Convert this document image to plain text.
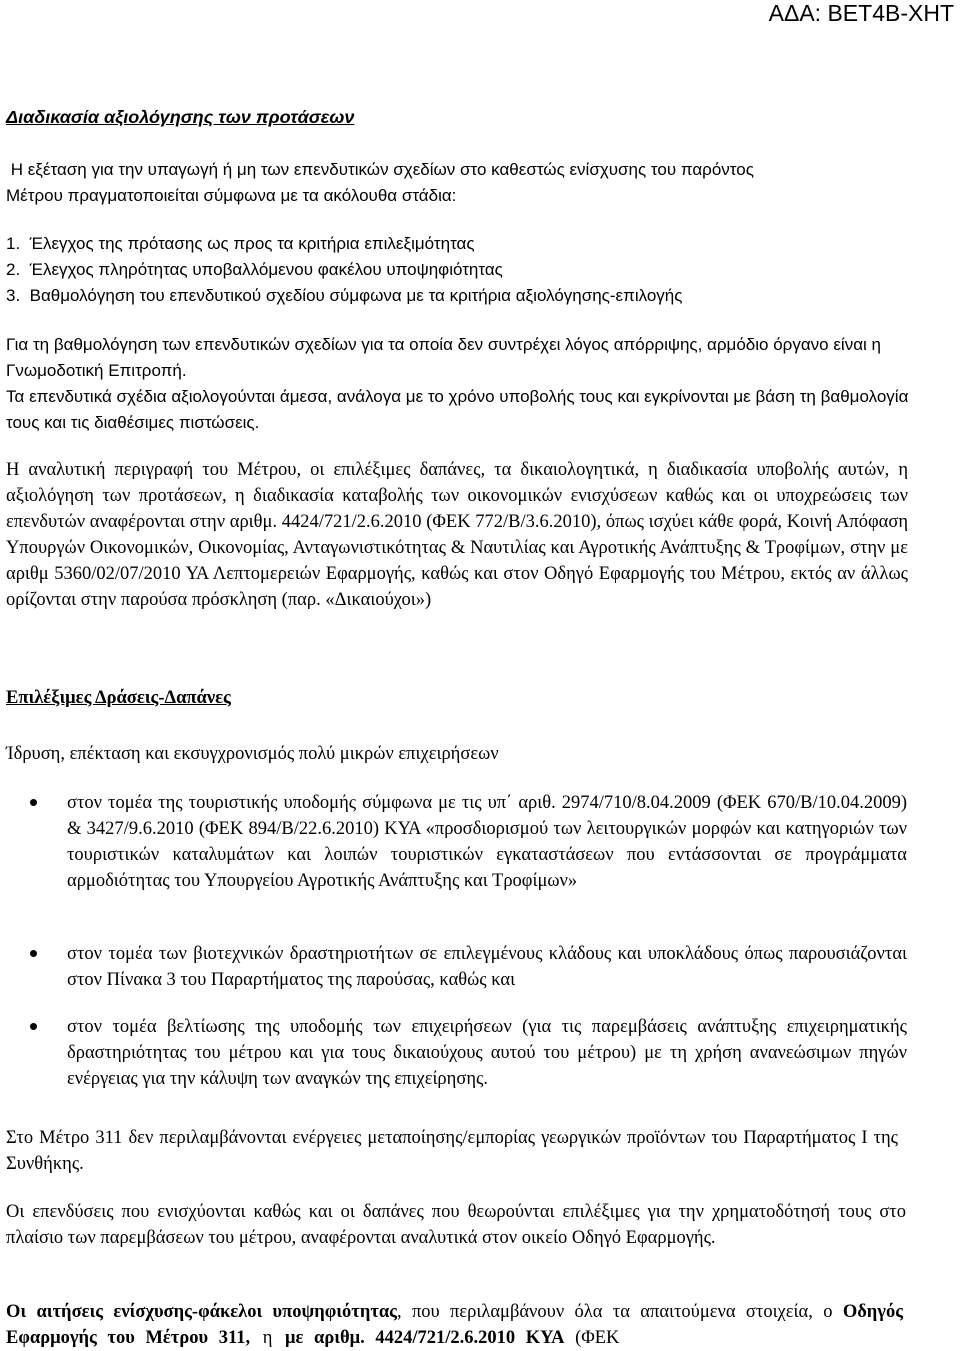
ΑΔΑ: ΒΕΤ4Β-ΧΗΤ
Διαδικασία αξιολόγησης των προτάσεων
Η εξέταση για την υπαγωγή ή μη των επενδυτικών σχεδίων στο καθεστώς ενίσχυσης του παρόντος
Μέτρου πραγματοποιείται σύμφωνα με τα ακόλουθα στάδια:
1.  Έλεγχος της πρότασης ως προς τα κριτήρια επιλεξιμότητας
2.  Έλεγχος πληρότητας υποβαλλόμενου φακέλου υποψηφιότητας
3.  Βαθμολόγηση του επενδυτικού σχεδίου σύμφωνα με τα κριτήρια αξιολόγησης-επιλογής

Για τη βαθμολόγηση των επενδυτικών σχεδίων για τα οποία δεν συντρέχει λόγος απόρριψης, αρμόδιο όργανο είναι η Γνωμοδοτική Επιτροπή.

Τα επενδυτικά σχέδια αξιολογούνται άμεσα, ανάλογα με το χρόνο υποβολής τους και εγκρίνονται με βάση τη βαθμολογία τους και τις διαθέσιμες πιστώσεις.

Η αναλυτική περιγραφή του Μέτρου, οι επιλέξιμες δαπάνες, τα δικαιολογητικά, η διαδικασία υποβολής αυτών, η αξιολόγηση των προτάσεων, η διαδικασία καταβολής των οικονομικών ενισχύσεων καθώς και οι υποχρεώσεις των επενδυτών αναφέρονται στην αριθμ. 4424/721/2.6.2010 (ΦΕΚ 772/Β/3.6.2010), όπως ισχύει κάθε φορά, Κοινή Απόφαση Υπουργών Οικονομικών, Οικονομίας, Ανταγωνιστικότητας & Ναυτιλίας και Αγροτικής Ανάπτυξης & Τροφίμων, στην με αριθμ 5360/02/07/2010 ΥΑ Λεπτομερειών Εφαρμογής, καθώς και στον Οδηγό Εφαρμογής του Μέτρου, εκτός αν άλλως ορίζονται στην παρούσα πρόσκληση (παρ. «Δικαιούχοι»)

Επιλέξιμες Δράσεις-Δαπάνες

Ίδρυση, επέκταση και εκσυγχρονισμός πολύ μικρών επιχειρήσεων

στον τομέα της τουριστικής υποδομής σύμφωνα με τις υπ΄ αριθ. 2974/710/8.04.2009 (ΦΕΚ 670/Β/10.04.2009) & 3427/9.6.2010 (ΦΕΚ 894/Β/22.6.2010) ΚΥΑ «προσδιορισμού των λειτουργικών μορφών και κατηγοριών των τουριστικών καταλυμάτων και λοιπών τουριστικών εγκαταστάσεων που εντάσσονται σε προγράμματα αρμοδιότητας του Υπουργείου Αγροτικής Ανάπτυξης και Τροφίμων»
στον τομέα των βιοτεχνικών δραστηριοτήτων σε επιλεγμένους κλάδους και υποκλάδους όπως παρουσιάζονται στον Πίνακα 3 του Παραρτήματος της παρούσας, καθώς και
στον τομέα βελτίωσης της υποδομής των επιχειρήσεων (για τις παρεμβάσεις ανάπτυξης επιχειρηματικής δραστηριότητας του μέτρου και για τους δικαιούχους αυτού του μέτρου) με τη χρήση ανανεώσιμων πηγών ενέργειας για την κάλυψη των αναγκών της επιχείρησης.

Στο Μέτρο 311 δεν περιλαμβάνονται ενέργειες μεταποίησης/εμπορίας γεωργικών προϊόντων του Παραρτήματος Ι της Συνθήκης.

Οι επενδύσεις που ενισχύονται καθώς και οι δαπάνες που θεωρούνται επιλέξιμες για την χρηματοδότησή τους στο πλαίσιο των παρεμβάσεων του μέτρου, αναφέρονται αναλυτικά στον οικείο Οδηγό Εφαρμογής.

Οι αιτήσεις ενίσχυσης-φάκελοι υποψηφιότητας, που περιλαμβάνουν όλα τα απαιτούμενα στοιχεία, ο Οδηγός Εφαρμογής του Μέτρου 311, η με αριθμ. 4424/721/2.6.2010 ΚΥΑ (ΦΕΚ
